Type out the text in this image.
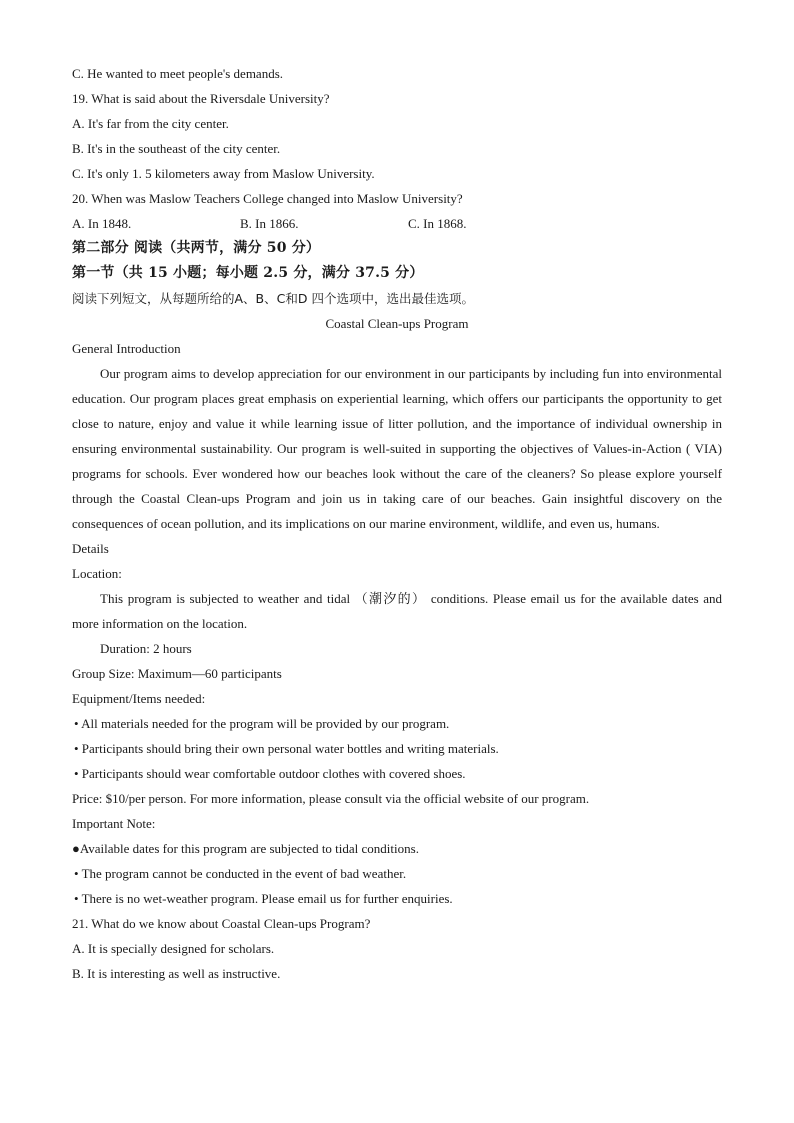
C. He wanted to meet people's demands.
19. What is said about the Riversdale University?
A. It's far from the city center.
B. It's in the southeast of the city center.
C. It's only 1. 5 kilometers away from Maslow University.
20. When was Maslow Teachers College changed into Maslow University?
A. In 1848.	B. In 1866.	C. In 1868.
第二部分 阅读（共两节，满分 50 分）
第一节（共 15 小题；每小题 2.5 分，满分 37.5 分）
阅读下列短文，从每题所给的A、B、C和D 四个选项中，选出最佳选项。
Coastal Clean-ups Program
General Introduction

Our program aims to develop appreciation for our environment in our participants by including fun into environmental education. Our program places great emphasis on experiential learning, which offers our participants the opportunity to get close to nature, enjoy and value it while learning issue of litter pollution, and the importance of individual ownership in ensuring environmental sustainability. Our program is well-suited in supporting the objectives of Values-in-Action ( VIA) programs for schools. Ever wondered how our beaches look without the care of the cleaners? So please explore yourself through the Coastal Clean-ups Program and join us in taking care of our beaches. Gain insightful discovery on the consequences of ocean pollution, and its implications on our marine environment, wildlife, and even us, humans.

Details
Location:

This program is subjected to weather and tidal （潮汐的） conditions. Please email us for the available dates and more information on the location.

Duration: 2 hours
Group Size: Maximum—60 participants
Equipment/Items needed:
• All materials needed for the program will be provided by our program.
• Participants should bring their own personal water bottles and writing materials.
• Participants should wear comfortable outdoor clothes with covered shoes.
Price: $10/per person. For more information, please consult via the official website of our program.
Important Note:
●Available dates for this program are subjected to tidal conditions.
• The program cannot be conducted in the event of bad weather.
• There is no wet-weather program. Please email us for further enquiries.
21. What do we know about Coastal Clean-ups Program?
A. It is specially designed for scholars.
B. It is interesting as well as instructive.
